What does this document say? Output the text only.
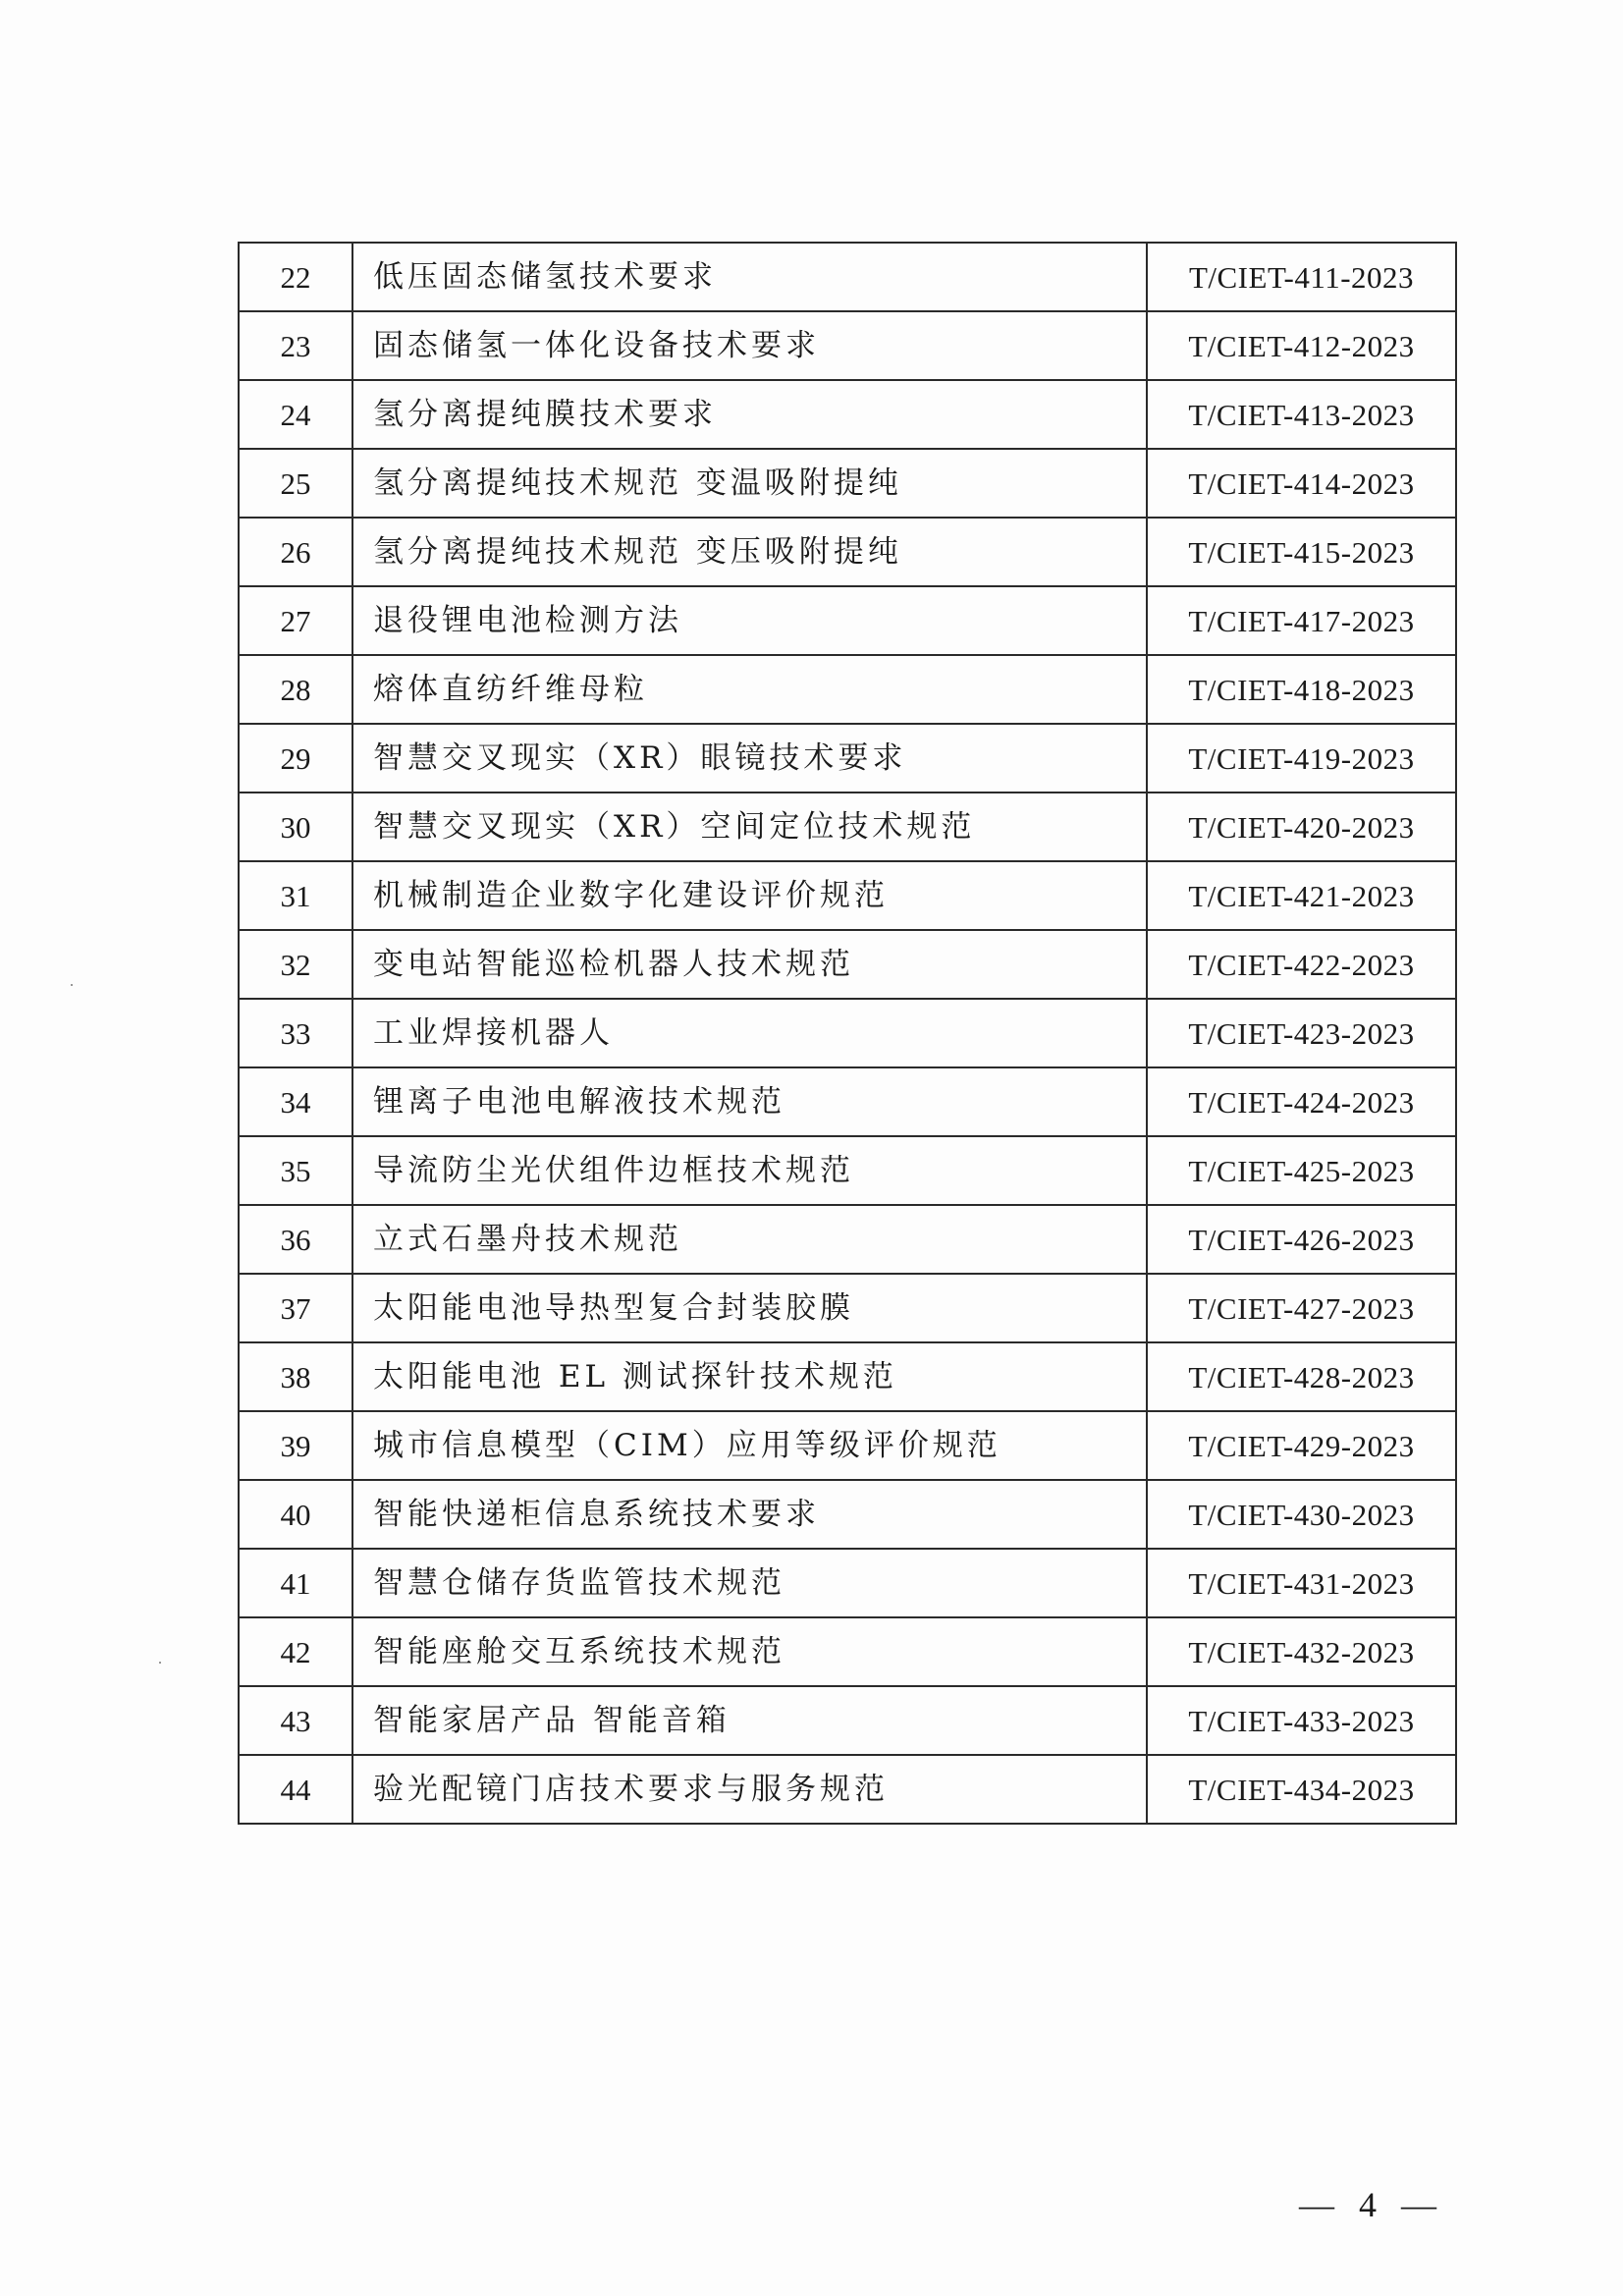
22	低压固态储氢技术要求	T/CIET-411-2023
23	固态储氢一体化设备技术要求	T/CIET-412-2023
24	氢分离提纯膜技术要求	T/CIET-413-2023
25	氢分离提纯技术规范 变温吸附提纯	T/CIET-414-2023
26	氢分离提纯技术规范 变压吸附提纯	T/CIET-415-2023
27	退役锂电池检测方法	T/CIET-417-2023
28	熔体直纺纤维母粒	T/CIET-418-2023
29	智慧交叉现实（XR）眼镜技术要求	T/CIET-419-2023
30	智慧交叉现实（XR）空间定位技术规范	T/CIET-420-2023
31	机械制造企业数字化建设评价规范	T/CIET-421-2023
32	变电站智能巡检机器人技术规范	T/CIET-422-2023
33	工业焊接机器人	T/CIET-423-2023
34	锂离子电池电解液技术规范	T/CIET-424-2023
35	导流防尘光伏组件边框技术规范	T/CIET-425-2023
36	立式石墨舟技术规范	T/CIET-426-2023
37	太阳能电池导热型复合封装胶膜	T/CIET-427-2023
38	太阳能电池 EL 测试探针技术规范	T/CIET-428-2023
39	城市信息模型（CIM）应用等级评价规范	T/CIET-429-2023
40	智能快递柜信息系统技术要求	T/CIET-430-2023
41	智慧仓储存货监管技术规范	T/CIET-431-2023
42	智能座舱交互系统技术规范	T/CIET-432-2023
43	智能家居产品 智能音箱	T/CIET-433-2023
44	验光配镜门店技术要求与服务规范	T/CIET-434-2023
— 4 —
